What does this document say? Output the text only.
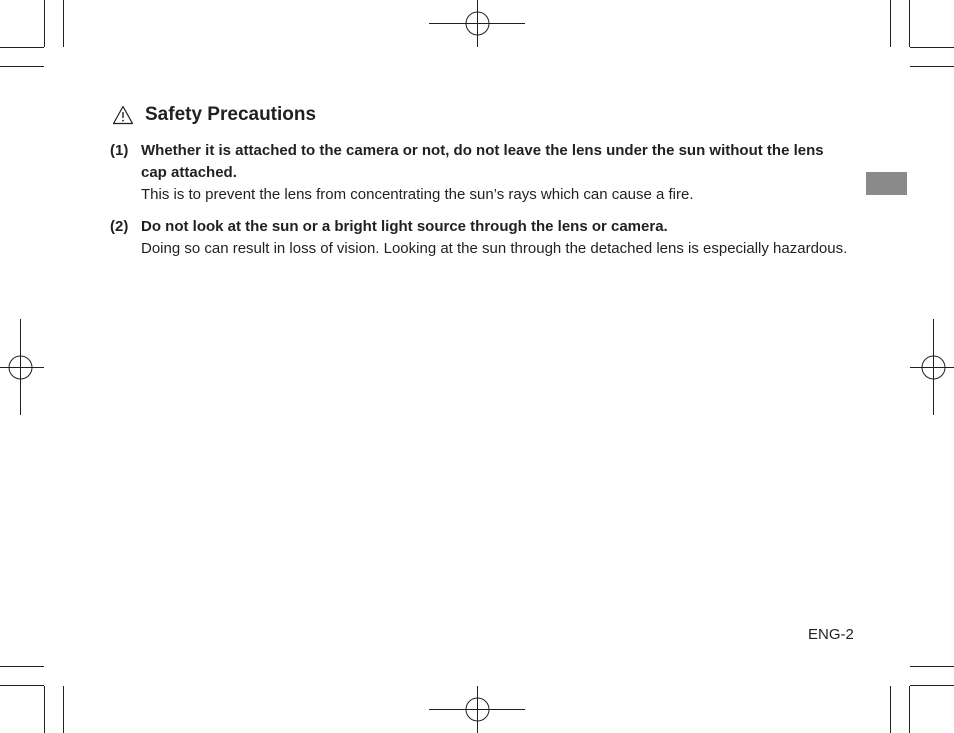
Safety Precautions
(1) Whether it is attached to the camera or not, do not leave the lens under the sun without the lens cap attached.
This is to prevent the lens from concentrating the sun’s rays which can cause a fire.
(2) Do not look at the sun or a bright light source through the lens or camera.
Doing so can result in loss of vision. Looking at the sun through the detached lens is especially hazardous.
ENG-2
